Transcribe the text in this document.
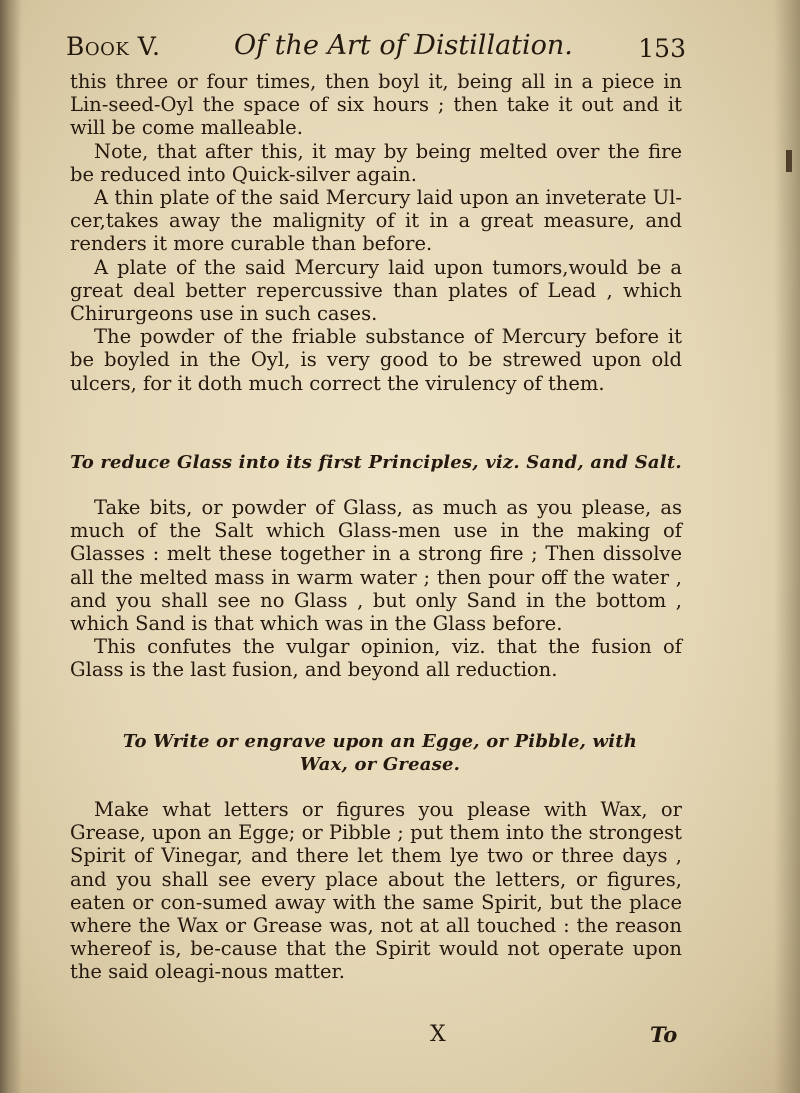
Book V.	Of the Art of Distillation.	153

this three or four times, then boyl it, being all in a piece in Lin-seed-Oyl the space of six hours ; then take it out and it will be come malleable.

Note, that after this, it may by being melted over the fire be reduced into Quick-silver again.

A thin plate of the said Mercury laid upon an inveterate Ul-cer,takes away the malignity of it in a great measure, and renders it more curable than before.

A plate of the said Mercury laid upon tumors,would be a great deal better repercussive than plates of Lead , which Chirurgeons use in such cases.

The powder of the friable substance of Mercury before it be boyled in the Oyl, is very good to be strewed upon old ulcers, for it doth much correct the virulency of them.

To reduce Glass into its first Principles, viz. Sand, and Salt.

Take bits, or powder of Glass, as much as you please, as much of the Salt which Glass-men use in the making of Glasses : melt these together in a strong fire ; Then dissolve all the melted mass in warm water ; then pour off the water , and you shall see no Glass , but only Sand in the bottom , which Sand is that which was in the Glass before.

This confutes the vulgar opinion, viz. that the fusion of Glass is the last fusion, and beyond all reduction.

To Write or engrave upon an Egge, or Pibble, with
Wax, or Grease.

Make what letters or figures you please with Wax, or Grease, upon an Egge; or Pibble ; put them into the strongest Spirit of Vinegar, and there let them lye two or three days , and you shall see every place about the letters, or figures, eaten or con-sumed away with the same Spirit, but the place where the Wax or Grease was, not at all touched : the reason whereof is, be-cause that the Spirit would not operate upon the said oleagi-nous matter.

X	To
